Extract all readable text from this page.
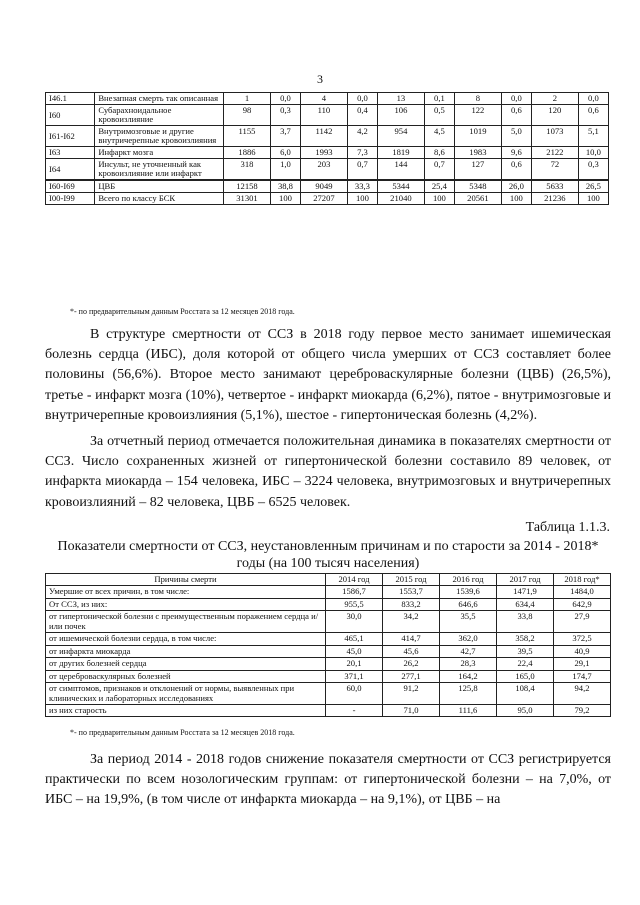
3
I46.1	Внезапная смерть так описанная	1	0,0	4	0,0	13	0,1	8	0,0	2	0,0
I60	Субарахноидальное кровоизлияние	98	0,3	110	0,4	106	0,5	122	0,6	120	0,6
I61-I62	Внутримозговые и другие внутричерепные кровоизлияния	1155	3,7	1142	4,2	954	4,5	1019	5,0	1073	5,1
I63	Инфаркт мозга	1886	6,0	1993	7,3	1819	8,6	1983	9,6	2122	10,0
I64	Инсульт, не уточненный как кровоизлияние или инфаркт	318	1,0	203	0,7	144	0,7	127	0,6	72	0,3
I60-I69	ЦВБ	12158	38,8	9049	33,3	5344	25,4	5348	26,0	5633	26,5
I00-I99	Всего по классу БСК	31301	100	27207	100	21040	100	20561	100	21236	100
*- по предварительным данным Росстата за 12 месяцев 2018 года.

В структуре смертности от ССЗ в 2018 году первое место занимает ишемическая болезнь сердца (ИБС), доля которой от общего числа умерших от ССЗ составляет более половины (56,6%). Второе место занимают цереброваскулярные болезни (ЦВБ) (26,5%), третье - инфаркт мозга (10%), четвертое - инфаркт миокарда (6,2%), пятое - внутримозговые и внутричерепные кровоизлияния (5,1%), шестое - гипертоническая болезнь (4,2%).

За отчетный период отмечается положительная динамика в показателях смертности от ССЗ. Число сохраненных жизней от гипертонической болезни составило 89 человек, от инфаркта миокарда – 154 человека, ИБС – 3224 человека, внутримозговых и внутричерепных кровоизлияний – 82 человека, ЦВБ – 6525 человек.

Таблица 1.1.3.
Показатели смертности от ССЗ, неустановленным причинам и по старости за 2014 - 2018* годы (на 100 тысяч населения)
Причины смерти	2014 год	2015 год	2016 год	2017 год	2018 год*
Умершие от всех причин, в том числе:	1586,7	1553,7	1539,6	1471,9	1484,0
От ССЗ, из них:	955,5	833,2	646,6	634,4	642,9
от гипертонической болезни с преимущественным поражением сердца и/или почек	30,0	34,2	35,5	33,8	27,9
от ишемической болезни сердца, в том числе:	465,1	414,7	362,0	358,2	372,5
от инфаркта миокарда	45,0	45,6	42,7	39,5	40,9
от других болезней сердца	20,1	26,2	28,3	22,4	29,1
от цереброваскулярных болезней	371,1	277,1	164,2	165,0	174,7
от симптомов, признаков и отклонений от нормы, выявленных при клинических и лабораторных исследованиях	60,0	91,2	125,8	108,4	94,2
из них старость	-	71,0	111,6	95,0	79,2
*- по предварительным данным Росстата за 12 месяцев 2018 года.

За период 2014 - 2018 годов снижение показателя смертности от ССЗ регистрируется практически по всем нозологическим группам: от гипертонической болезни – на 7,0%, от ИБС – на 19,9%, (в том числе от инфаркта миокарда – на 9,1%), от ЦВБ – на
